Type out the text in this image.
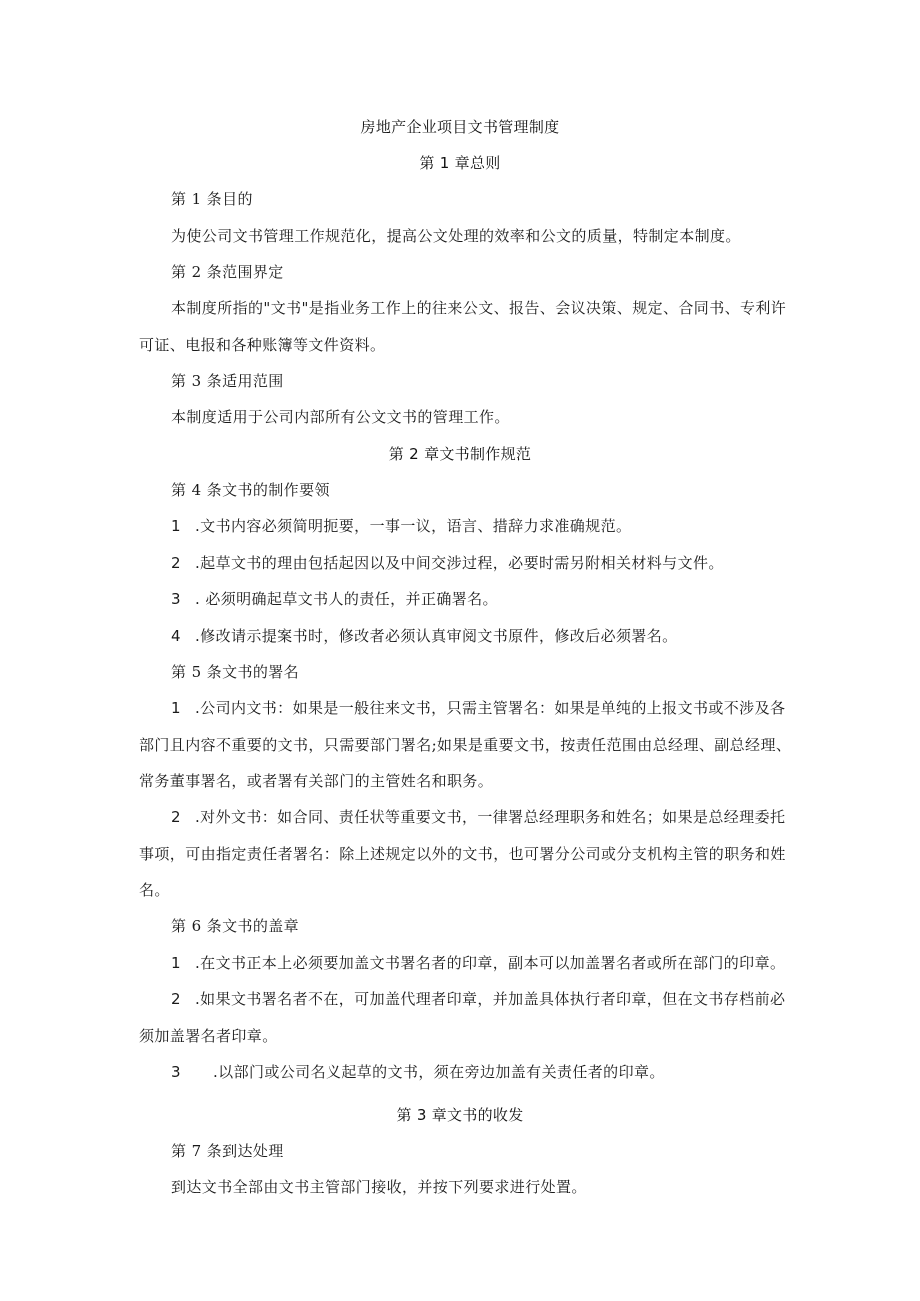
房地产企业项目文书管理制度
第 1 章总则
第 1 条目的
为使公司文书管理工作规范化，提高公文处理的效率和公文的质量，特制定本制度。
第 2 条范围界定
本制度所指的"文书"是指业务工作上的往来公文、报告、会议决策、规定、合同书、专利许
可证、电报和各种账簿等文件资料。
第 3 条适用范围
本制度适用于公司内部所有公文文书的管理工作。
第 2 章文书制作规范
第 4 条文书的制作要领
1 .文书内容必须简明扼要，一事一议，语言、措辞力求准确规范。
2 .起草文书的理由包括起因以及中间交涉过程，必要时需另附相关材料与文件。
3 . 必须明确起草文书人的责任，并正确署名。
4 .修改请示提案书时，修改者必须认真审阅文书原件，修改后必须署名。
第 5 条文书的署名
1 .公司内文书：如果是一般往来文书，只需主管署名：如果是单纯的上报文书或不涉及各
部门且内容不重要的文书，只需要部门署名;如果是重要文书，按责任范围由总经理、副总经理、
常务董事署名，或者署有关部门的主管姓名和职务。
2 .对外文书：如合同、责任状等重要文书，一律署总经理职务和姓名；如果是总经理委托
事项，可由指定责任者署名：除上述规定以外的文书，也可署分公司或分支机构主管的职务和姓
名。
第 6 条文书的盖章
1 .在文书正本上必须要加盖文书署名者的印章，副本可以加盖署名者或所在部门的印章。
2 .如果文书署名者不在，可加盖代理者印章，并加盖具体执行者印章，但在文书存档前必
须加盖署名者印章。
3 .以部门或公司名义起草的文书，须在旁边加盖有关责任者的印章。
第 3 章文书的收发
第 7 条到达处理
到达文书全部由文书主管部门接收，并按下列要求进行处置。
